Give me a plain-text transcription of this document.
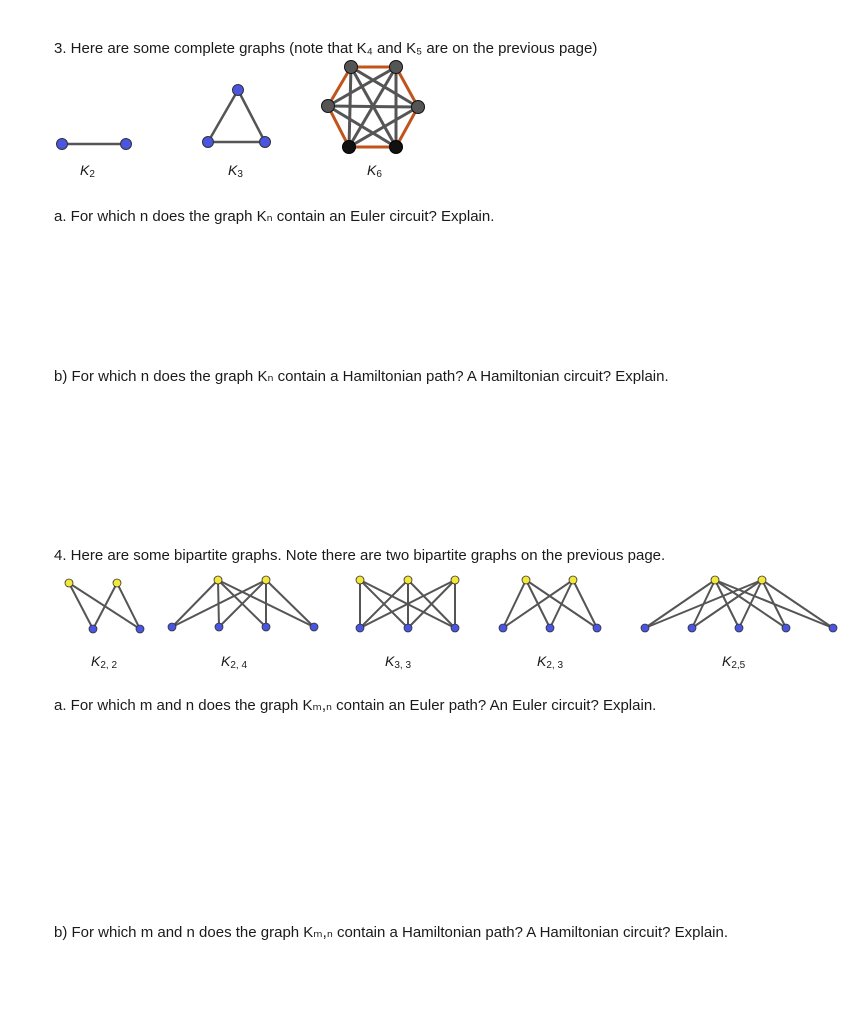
3. Here are some complete graphs (note that K₄ and K₅ are on the previous page)
$K_2$	$K_3$	$K_6$
a. For which n does the graph Kₙ contain an Euler circuit? Explain.
b) For which n does the graph Kₙ contain a Hamiltonian path? A Hamiltonian circuit? Explain.
4. Here are some bipartite graphs. Note there are two bipartite graphs on the previous page.
$K_{2, 2}$	$K_{2, 4}$	$K_{3, 3}$	$K_{2, 3}$	$K_{2,5}$
a. For which m and n does the graph Kₘ,ₙ contain an Euler path? An Euler circuit? Explain.
b) For which m and n does the graph Kₘ,ₙ contain a Hamiltonian path? A Hamiltonian circuit? Explain.
